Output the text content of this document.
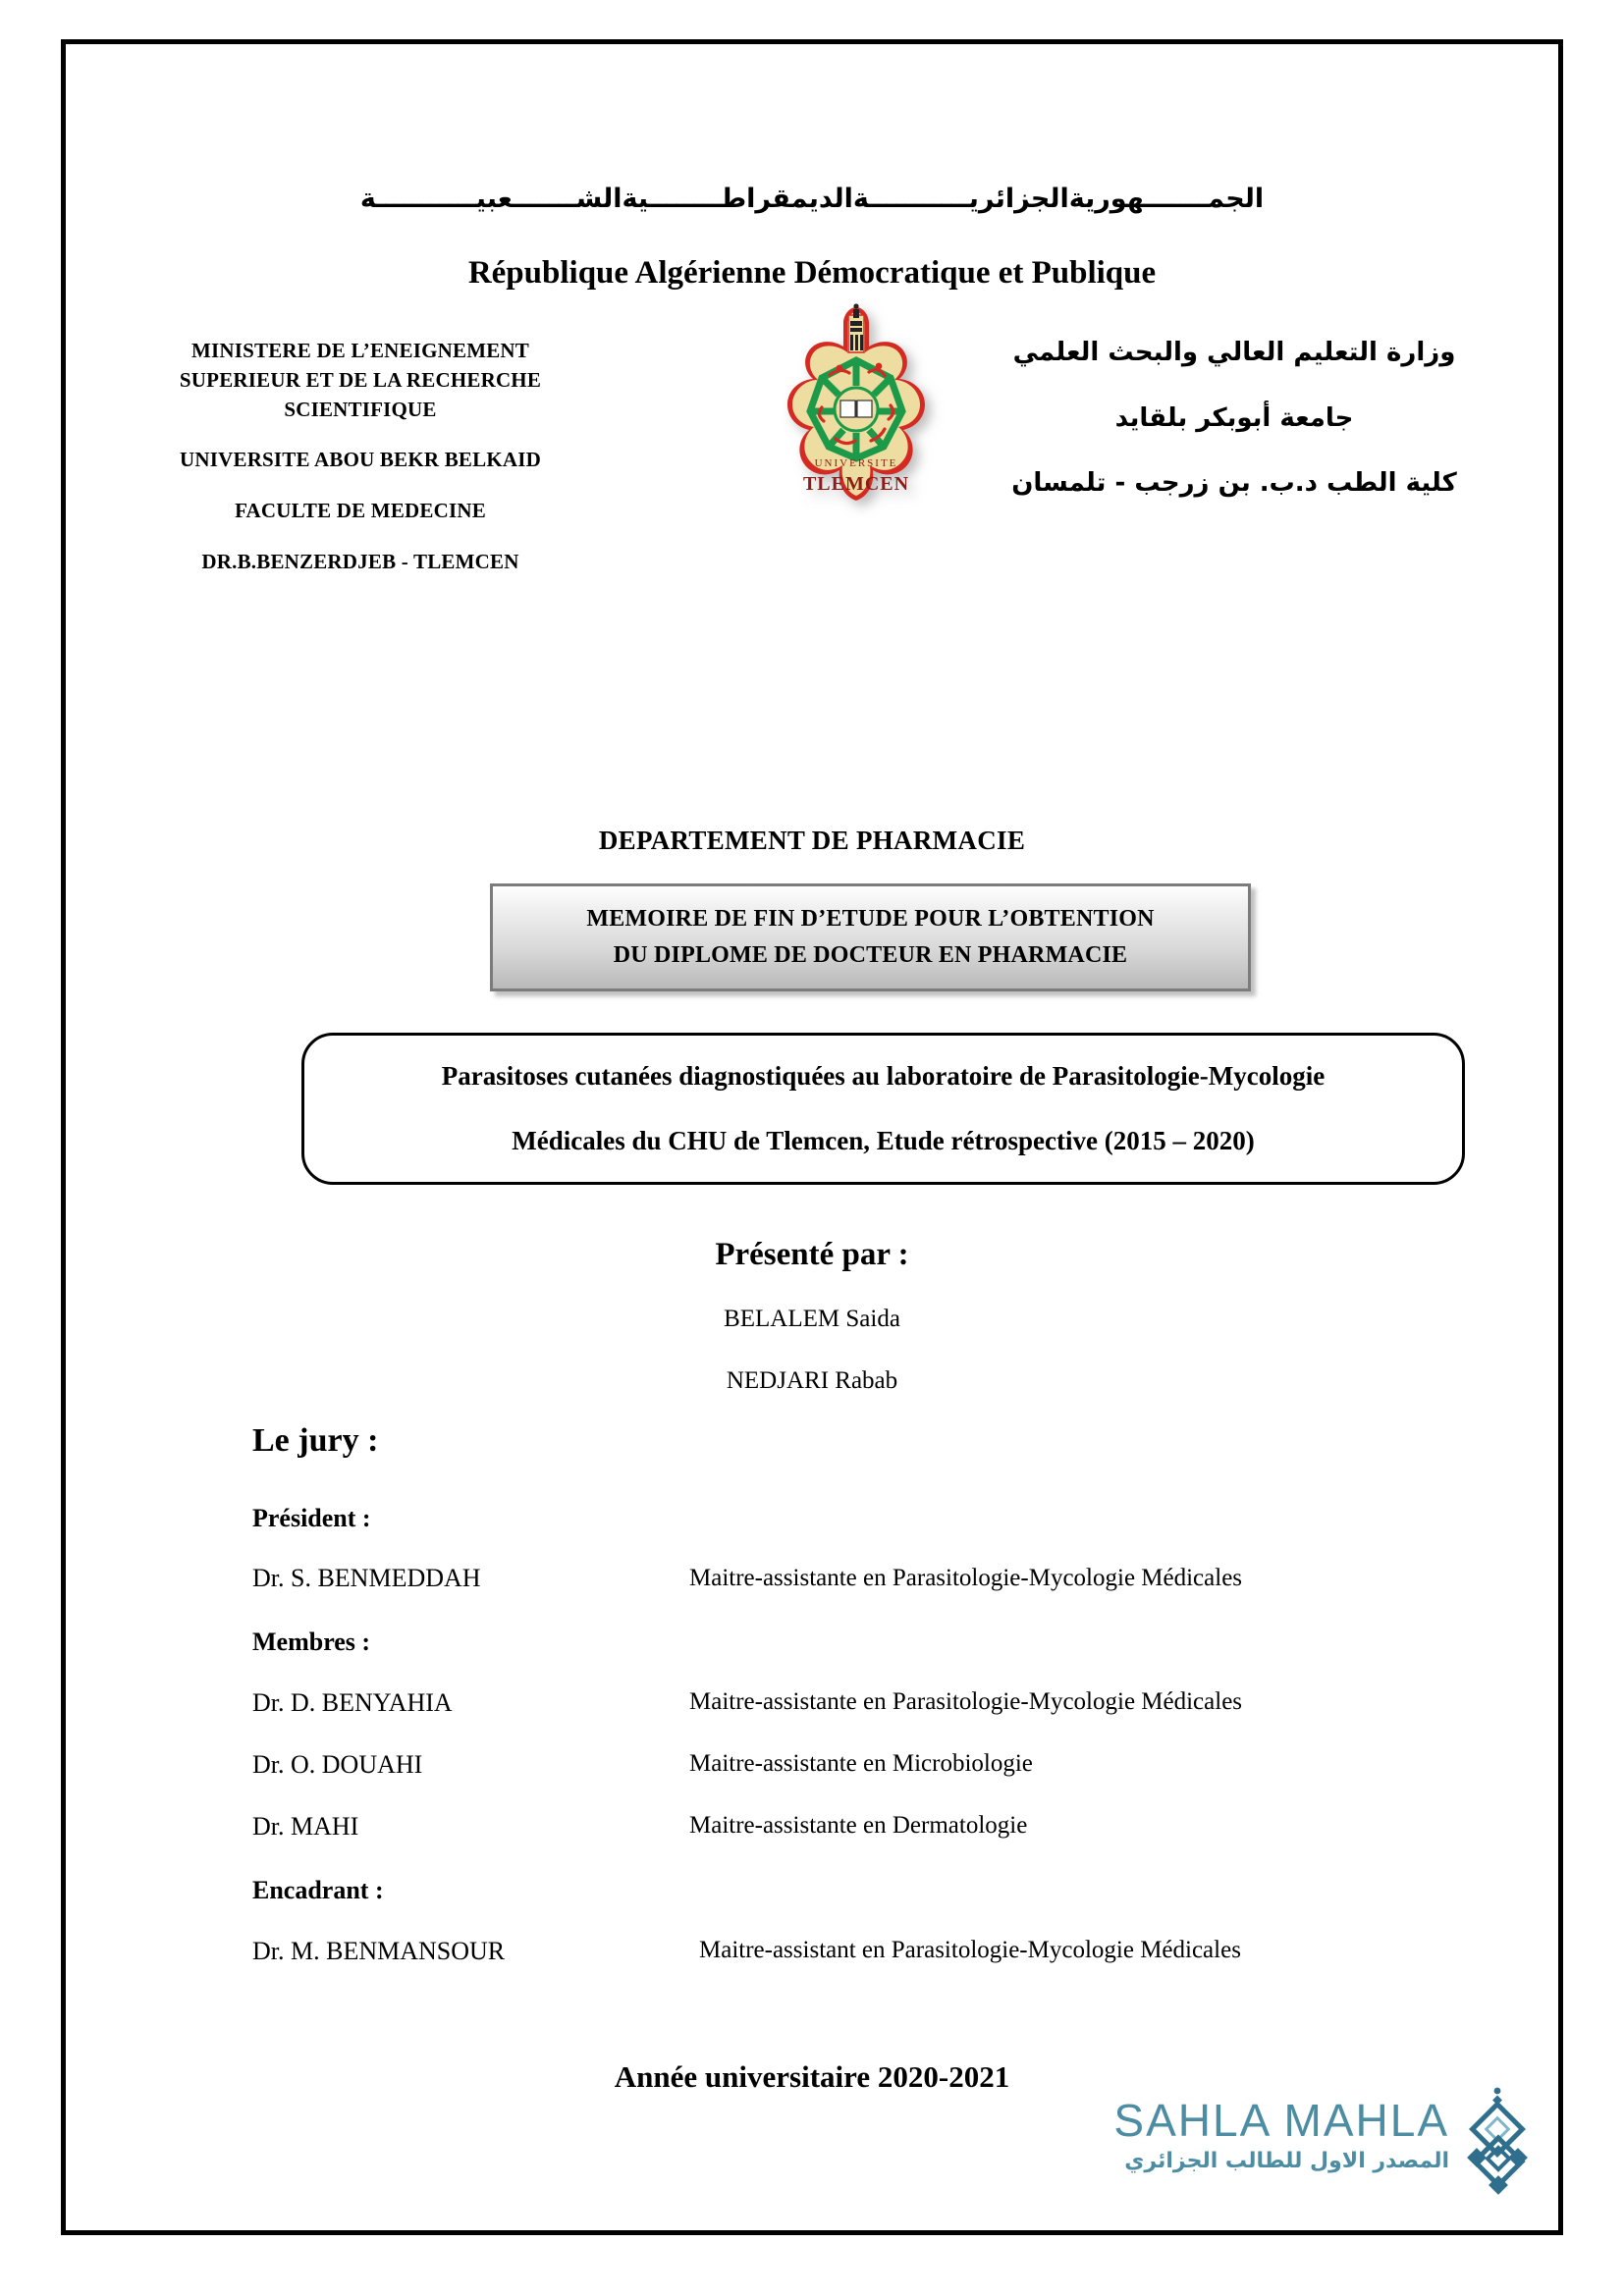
الجمـــــــهورية‌الجزائريـــــــــــة‌الديمقراطــــــــية‌الشـــــــعبيـــــــــــة
République Algérienne Démocratique et Publique
MINISTERE DE L’ENEIGNEMENT
SUPERIEUR ET DE LA RECHERCHE
SCIENTIFIQUE
UNIVERSITE ABOU BEKR BELKAID
FACULTE DE MEDECINE
DR.B.BENZERDJEB - TLEMCEN
UNIVERSITE
TLEMCEN
وزارة التعليم العالي والبحث العلمي
جامعة أبوبكر بلقايد
كلية الطب د.ب. بن زرجب - تلمسان
DEPARTEMENT DE PHARMACIE
MEMOIRE DE FIN D’ETUDE POUR L’OBTENTION
DU DIPLOME DE DOCTEUR EN PHARMACIE
Parasitoses cutanées diagnostiquées au laboratoire de Parasitologie-Mycologie
Médicales du CHU de Tlemcen, Etude rétrospective (2015 – 2020)
Présenté par :
BELALEM Saida
NEDJARI Rabab
Le jury :
Président :
Dr. S. BENMEDDAH	Maitre-assistante en Parasitologie-Mycologie Médicales
Membres :
Dr. D. BENYAHIA	Maitre-assistante en Parasitologie-Mycologie Médicales
Dr. O. DOUAHI	Maitre-assistante en Microbiologie
Dr. MAHI	Maitre-assistante en Dermatologie
Encadrant :
Dr. M. BENMANSOUR	Maitre-assistant en Parasitologie-Mycologie Médicales
Année universitaire 2020-2021
SAHLA MAHLA
المصدر الاول للطالب الجزائري
